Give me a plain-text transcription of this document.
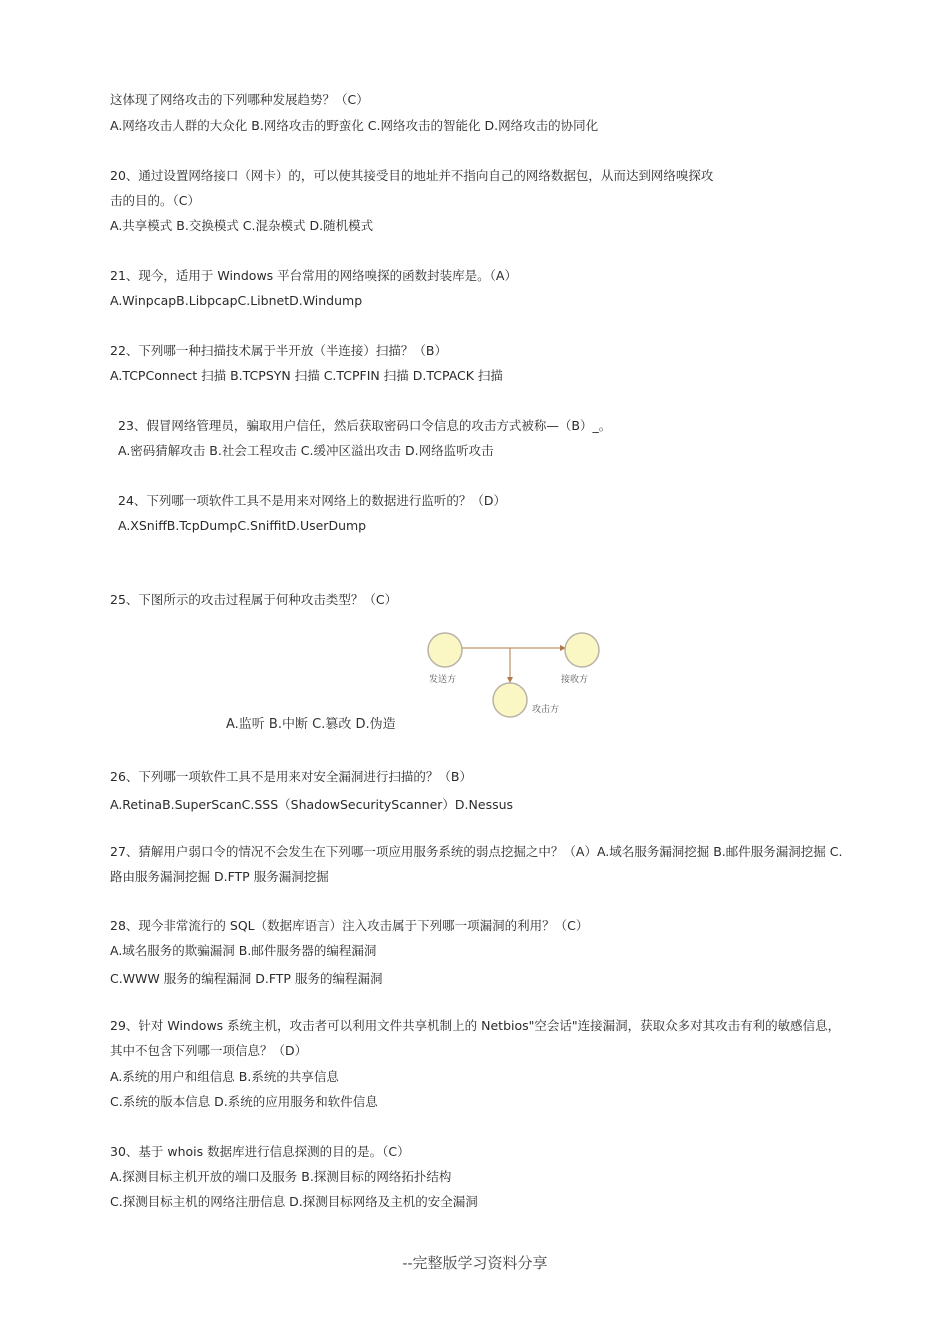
这体现了网络攻击的下列哪种发展趋势？（C）
A.网络攻击人群的大众化 B.网络攻击的野蛮化 C.网络攻击的智能化 D.网络攻击的协同化
20、通过设置网络接口（网卡）的，可以使其接受目的地址并不指向自己的网络数据包，从而达到网络嗅探攻
击的目的。（C）
A.共享模式 B.交换模式 C.混杂模式 D.随机模式
21、现今，适用于 Windows 平台常用的网络嗅探的函数封装库是。（A）
A.WinpcapB.LibpcapC.LibnetD.Windump
22、下列哪一种扫描技术属于半开放（半连接）扫描？（B）
A.TCPConnect 扫描 B.TCPSYN 扫描 C.TCPFIN 扫描 D.TCPACK 扫描
23、假冒网络管理员，骗取用户信任，然后获取密码口令信息的攻击方式被称—（B）_。
A.密码猜解攻击 B.社会工程攻击 C.缓冲区溢出攻击 D.网络监听攻击
24、下列哪一项软件工具不是用来对网络上的数据进行监听的？（D）
A.XSniffB.TcpDumpC.SniffitD.UserDump
25、下图所示的攻击过程属于何种攻击类型？（C）
发送方	接收方
攻击方
A.监听 B.中断 C.篡改 D.伪造
26、下列哪一项软件工具不是用来对安全漏洞进行扫描的？（B）
A.RetinaB.SuperScanC.SSS（ShadowSecurityScanner）D.Nessus
27、猜解用户弱口令的情况不会发生在下列哪一项应用服务系统的弱点挖掘之中？（A）A.域名服务漏洞挖掘 B.邮件服务漏洞挖掘 C.路由服务漏洞挖掘 D.FTP 服务漏洞挖掘
28、现今非常流行的 SQL（数据库语言）注入攻击属于下列哪一项漏洞的利用？（C）
A.域名服务的欺骗漏洞 B.邮件服务器的编程漏洞
C.WWW 服务的编程漏洞 D.FTP 服务的编程漏洞
29、针对 Windows 系统主机，攻击者可以利用文件共享机制上的 Netbios"空会话"连接漏洞，获取众多对其攻击有利的敏感信息，其中不包含下列哪一项信息？（D）
A.系统的用户和组信息 B.系统的共享信息
C.系统的版本信息 D.系统的应用服务和软件信息
30、基于 whois 数据库进行信息探测的目的是。（C）
A.探测目标主机开放的端口及服务 B.探测目标的网络拓扑结构
C.探测目标主机的网络注册信息 D.探测目标网络及主机的安全漏洞
--完整版学习资料分享
